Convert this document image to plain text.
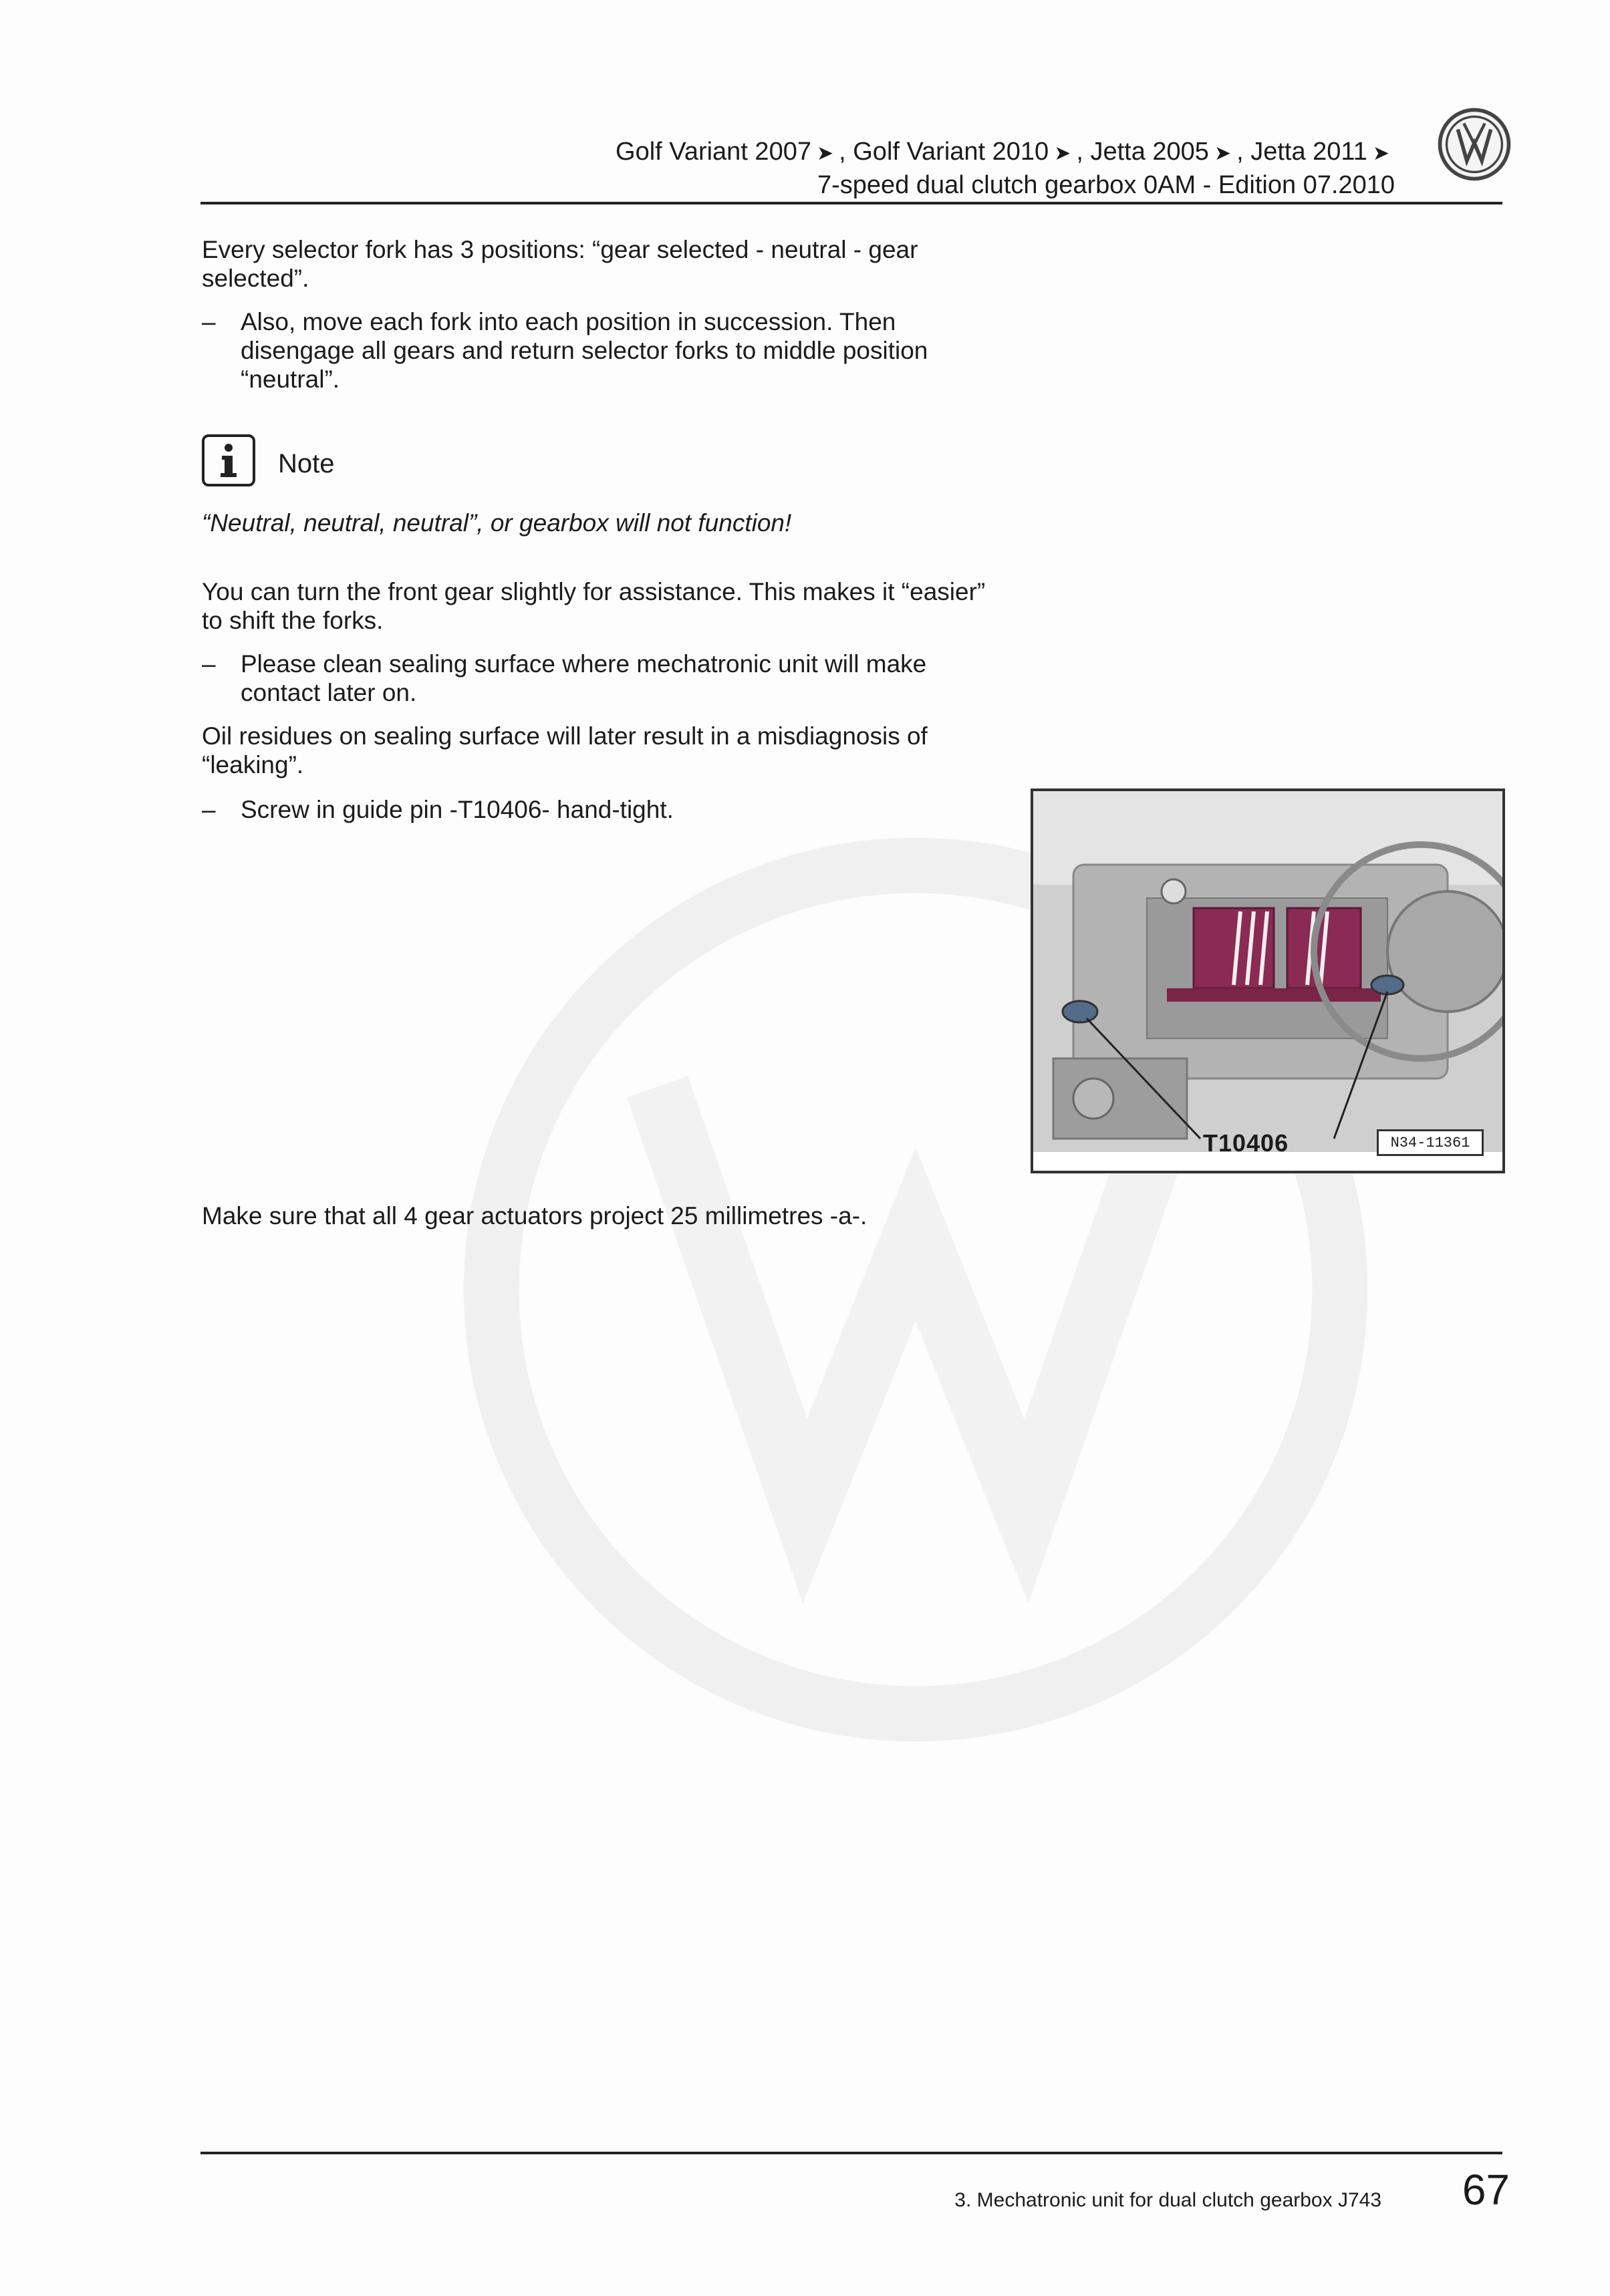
Golf Variant 2007 ➤ , Golf Variant 2010 ➤ , Jetta 2005 ➤ , Jetta 2011 ➤
7-speed dual clutch gearbox 0AM - Edition 07.2010	VW
Every selector fork has 3 positions: “gear selected - neutral - gear selected”.
– Also, move each fork into each position in succession. Then disengage all gears and return selector forks to middle position “neutral”.
Note
“Neutral, neutral, neutral”, or gearbox will not function!
You can turn the front gear slightly for assistance. This makes it “easier” to shift the forks.
– Please clean sealing surface where mechatronic unit will make contact later on.
Oil residues on sealing surface will later result in a misdiagnosis of “leaking”.
– Screw in guide pin -T10406- hand-tight.
Make sure that all 4 gear actuators project 25 millimetres -a-.
T10406	N34-11361
3. Mechatronic unit for dual clutch gearbox J743 67
